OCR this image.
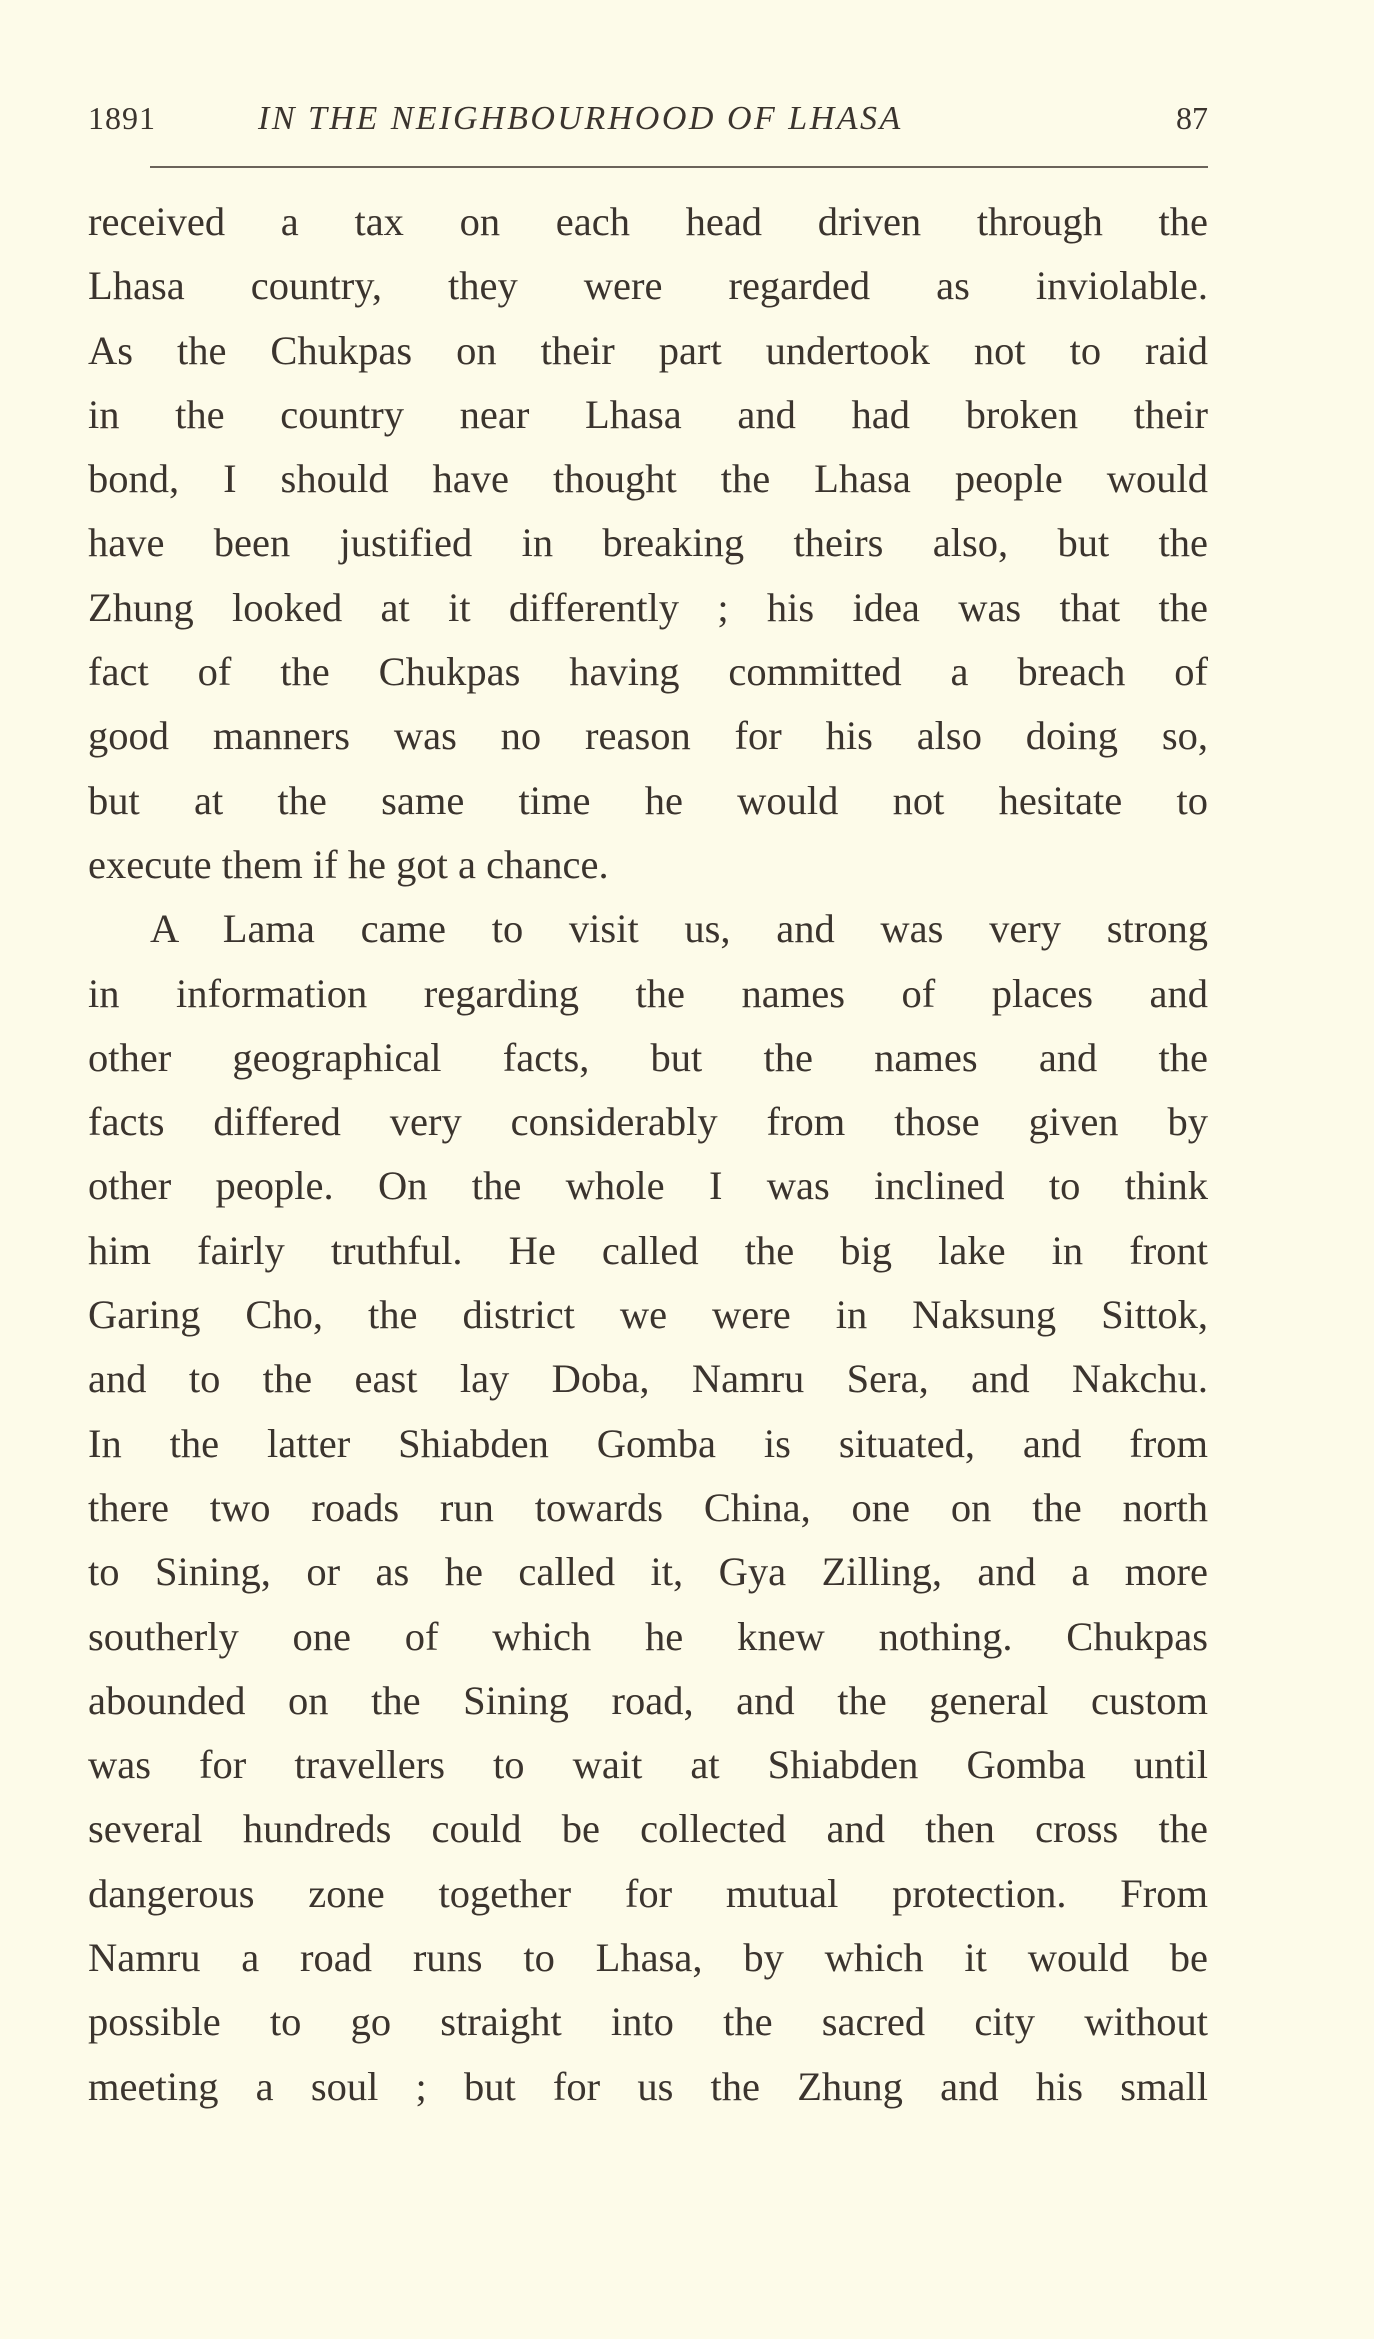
1891	IN THE NEIGHBOURHOOD OF LHASA	87
received a tax on each head driven through the
Lhasa country, they were regarded as inviolable.
As the Chukpas on their part undertook not to raid
in the country near Lhasa and had broken their
bond, I should have thought the Lhasa people would
have been justified in breaking theirs also, but the
Zhung looked at it differently ; his idea was that the
fact of the Chukpas having committed a breach of
good manners was no reason for his also doing so,
but at the same time he would not hesitate to
execute them if he got a chance.
A Lama came to visit us, and was very strong
in information regarding the names of places and
other geographical facts, but the names and the
facts differed very considerably from those given by
other people. On the whole I was inclined to think
him fairly truthful. He called the big lake in front
Garing Cho, the district we were in Naksung Sittok,
and to the east lay Doba, Namru Sera, and Nakchu.
In the latter Shiabden Gomba is situated, and from
there two roads run towards China, one on the north
to Sining, or as he called it, Gya Zilling, and a more
southerly one of which he knew nothing. Chukpas
abounded on the Sining road, and the general custom
was for travellers to wait at Shiabden Gomba until
several hundreds could be collected and then cross the
dangerous zone together for mutual protection. From
Namru a road runs to Lhasa, by which it would be
possible to go straight into the sacred city without
meeting a soul ; but for us the Zhung and his small
